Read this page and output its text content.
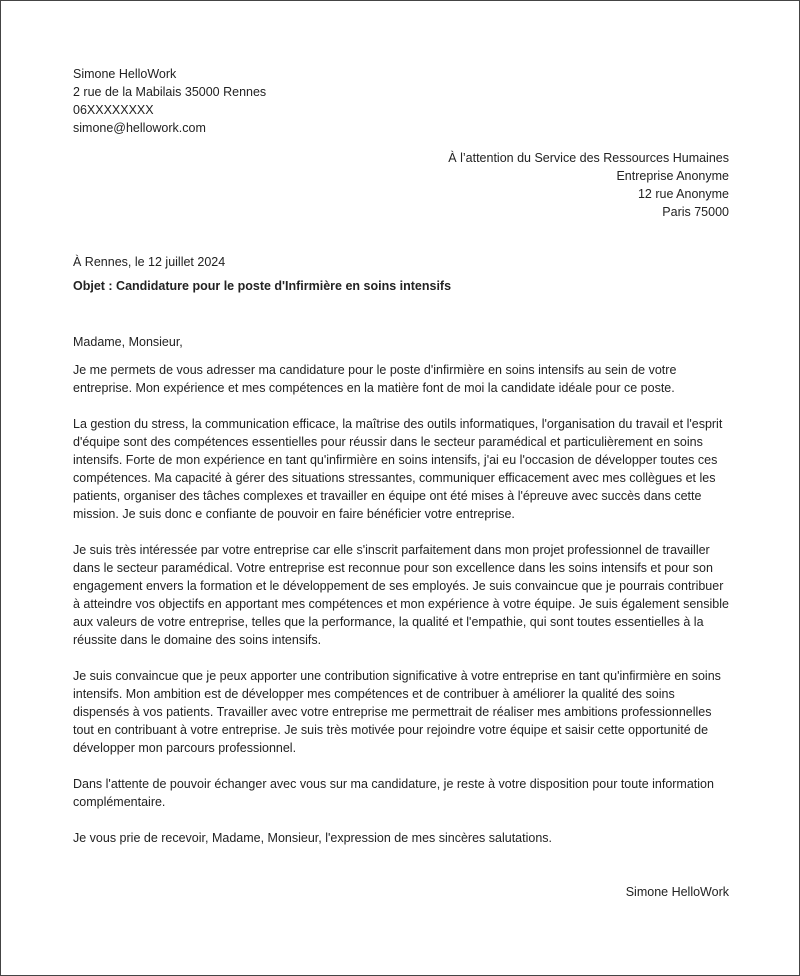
Simone HelloWork

2 rue de la Mabilais 35000 Rennes

06XXXXXXXX

simone@hellowork.com

À l’attention du Service des Ressources Humaines

Entreprise Anonyme

12 rue Anonyme

Paris 75000

À Rennes, le 12 juillet 2024
Objet : Candidature pour le poste d'Infirmière en soins intensifs
Madame, Monsieur,
Je me permets de vous adresser ma candidature pour le poste d'infirmière en soins intensifs au sein de votre entreprise. Mon expérience et mes compétences en la matière font de moi la candidate idéale pour ce poste.
La gestion du stress, la communication efficace, la maîtrise des outils informatiques, l'organisation du travail et l'esprit d'équipe sont des compétences essentielles pour réussir dans le secteur paramédical et particulièrement en soins intensifs. Forte de mon expérience en tant qu'infirmière en soins intensifs, j'ai eu l'occasion de développer toutes ces compétences. Ma capacité à gérer des situations stressantes, communiquer efficacement avec mes collègues et les patients, organiser des tâches complexes et travailler en équipe ont été mises à l'épreuve avec succès dans cette mission. Je suis donc e confiante de pouvoir en faire bénéficier votre entreprise.
Je suis très intéressée par votre entreprise car elle s'inscrit parfaitement dans mon projet professionnel de travailler dans le secteur paramédical. Votre entreprise est reconnue pour son excellence dans les soins intensifs et pour son engagement envers la formation et le développement de ses employés. Je suis convaincue que je pourrais contribuer à atteindre vos objectifs en apportant mes compétences et mon expérience à votre équipe. Je suis également sensible aux valeurs de votre entreprise, telles que la performance, la qualité et l'empathie, qui sont toutes essentielles à la réussite dans le domaine des soins intensifs.
Je suis convaincue que je peux apporter une contribution significative à votre entreprise en tant qu'infirmière en soins intensifs. Mon ambition est de développer mes compétences et de contribuer à améliorer la qualité des soins dispensés à vos patients. Travailler avec votre entreprise me permettrait de réaliser mes ambitions professionnelles tout en contribuant à votre entreprise. Je suis très motivée pour rejoindre votre équipe et saisir cette opportunité de développer mon parcours professionnel.
Dans l'attente de pouvoir échanger avec vous sur ma candidature, je reste à votre disposition pour toute information complémentaire.
Je vous prie de recevoir, Madame, Monsieur, l'expression de mes sincères salutations.
Simone HelloWork
